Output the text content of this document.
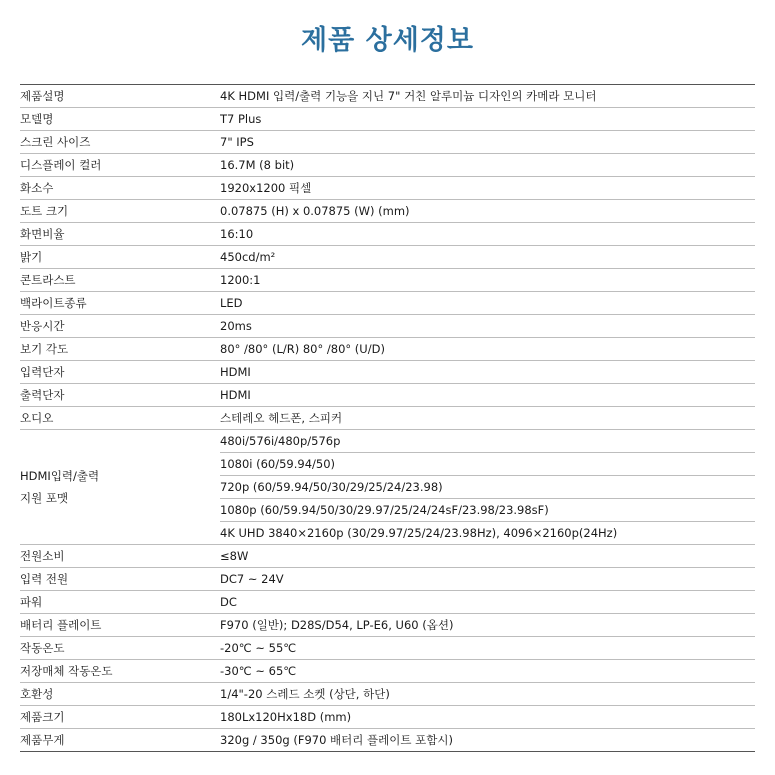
제품 상세정보
제품설명	4K HDMI 입력/출력 기능을 지닌 7" 거친 알루미늄 디자인의 카메라 모니터
모델명	T7 Plus
스크린 사이즈	7" IPS
디스플레이 컬러	16.7M (8 bit)
화소수	1920x1200 픽셀
도트 크기	0.07875 (H) x 0.07875 (W) (mm)
화면비율	16:10
밝기	450cd/m²
콘트라스트	1200:1
백라이트종류	LED
반응시간	20ms
보기 각도	80° /80° (L/R) 80° /80° (U/D)
입력단자	HDMI
출력단자	HDMI
오디오	스테레오 헤드폰, 스피커
HDMI입력/출력
지원 포맷	480i/576i/480p/576p
	1080i (60/59.94/50)
	720p (60/59.94/50/30/29/25/24/23.98)
	1080p (60/59.94/50/30/29.97/25/24/24sF/23.98/23.98sF)
	4K UHD 3840×2160p (30/29.97/25/24/23.98Hz), 4096×2160p(24Hz)
전원소비	≤8W
입력 전원	DC7 ~ 24V
파워	DC
배터리 플레이트	F970 (일반); D28S/D54, LP-E6, U60 (옵션)
작동온도	-20℃ ~ 55℃
저장매체 작동온도	-30℃ ~ 65℃
호환성	1/4"-20 스레드 소켓 (상단, 하단)
제품크기	180Lx120Hx18D (mm)
제품무게	320g / 350g (F970 배터리 플레이트 포함시)
